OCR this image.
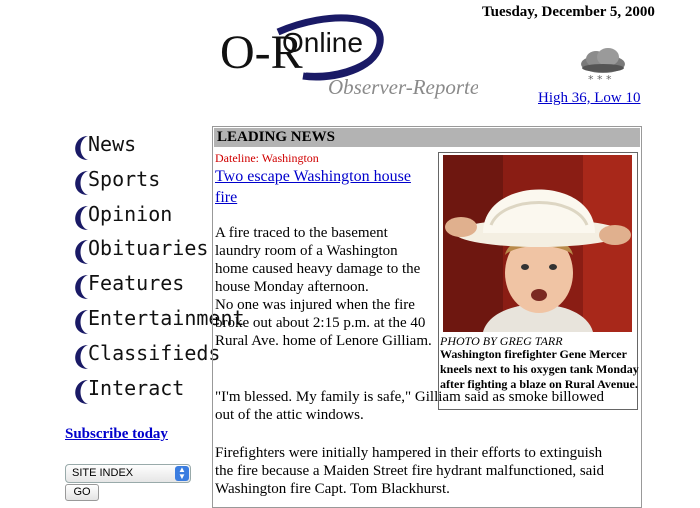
O-R
Online
Observer-Reporter
Tuesday, December 5, 2000
* * *
High 36, Low 10
News
Sports
Opinion
Obituaries
Features
Entertainment
Classifieds
Interact
Subscribe today
SITE INDEX	▲
▼
GO
LEADING NEWS
Dateline: Washington
Two escape Washington house fire
A fire traced to the basement laundry room of a Washington home caused heavy damage to the house Monday afternoon.
No one was injured when the fire broke out about 2:15 p.m. at the 40 Rural Ave. home of Lenore Gilliam.
"I'm blessed. My family is safe," Gilliam said as smoke billowed out of the attic windows.
Firefighters were initially hampered in their efforts to extinguish the fire because a Maiden Street fire hydrant malfunctioned, said Washington fire Capt. Tom Blackhurst.
PHOTO BY GREG TARR
Washington firefighter Gene Mercer kneels next to his oxygen tank Monday after fighting a blaze on Rural Avenue.
